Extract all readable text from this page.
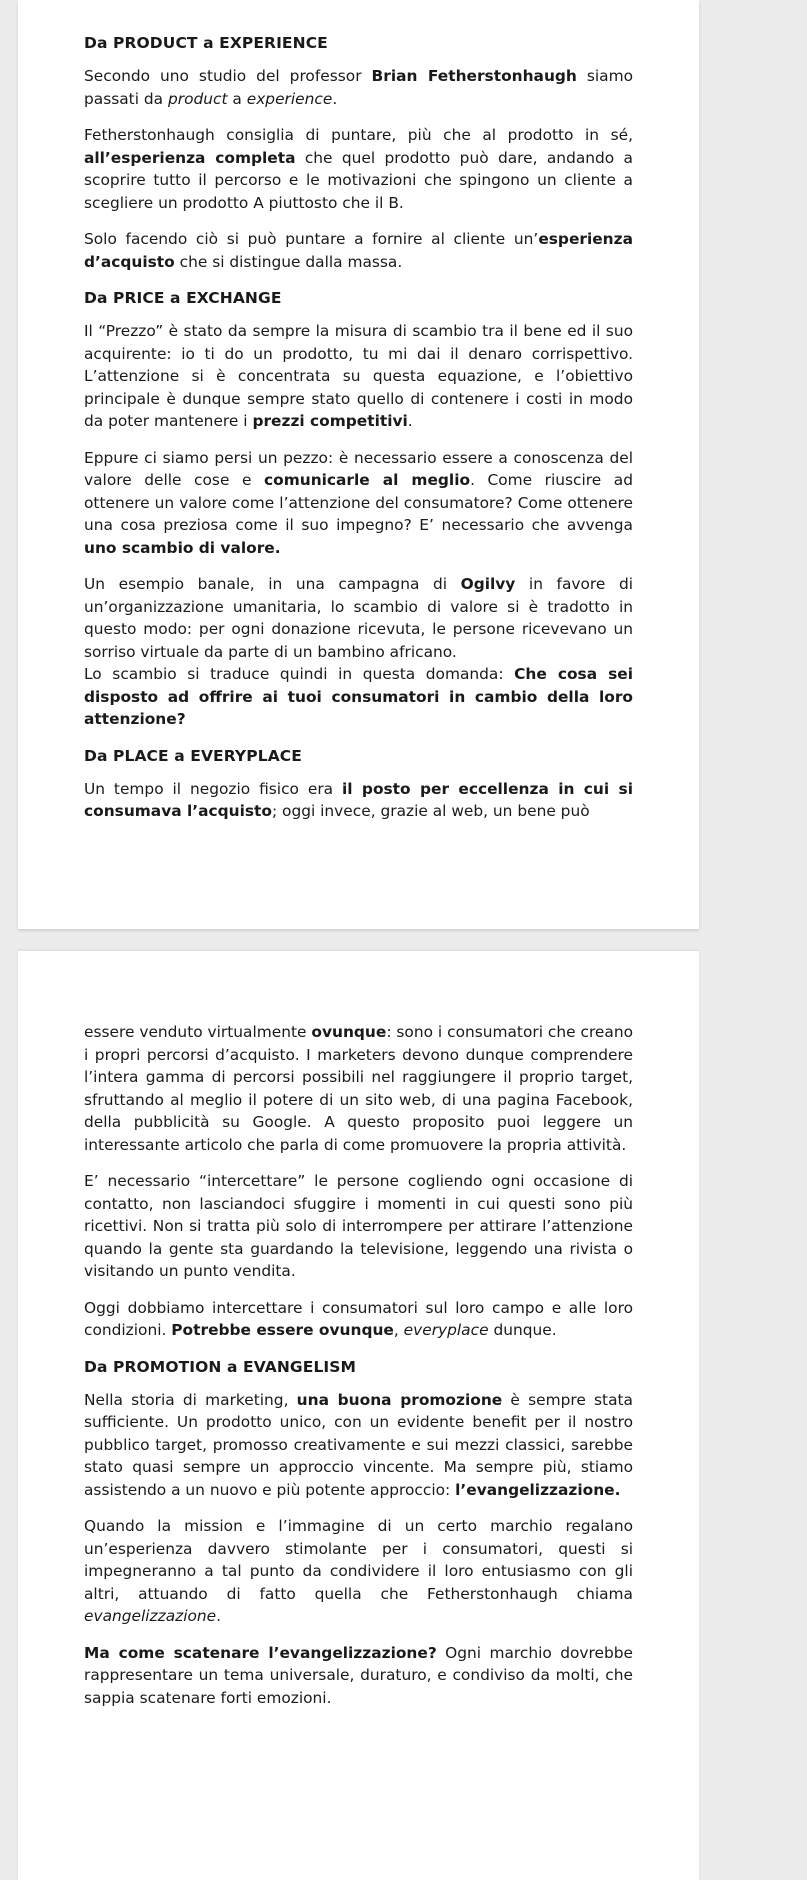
Da PRODUCT a EXPERIENCE

Secondo uno studio del professor Brian Fetherstonhaugh siamo passati da product a experience.

Fetherstonhaugh consiglia di puntare, più che al prodotto in sé, all’esperienza completa che quel prodotto può dare, andando a scoprire tutto il percorso e le motivazioni che spingono un cliente a scegliere un prodotto A piuttosto che il B.

Solo facendo ciò si può puntare a fornire al cliente un’esperienza d’acquisto che si distingue dalla massa.

Da PRICE a EXCHANGE

Il “Prezzo” è stato da sempre la misura di scambio tra il bene ed il suo acquirente: io ti do un prodotto, tu mi dai il denaro corrispettivo. L’attenzione si è concentrata su questa equazione, e l’obiettivo principale è dunque sempre stato quello di contenere i costi in modo da poter mantenere i prezzi competitivi.

Eppure ci siamo persi un pezzo: è necessario essere a conoscenza del valore delle cose e comunicarle al meglio. Come riuscire ad ottenere un valore come l’attenzione del consumatore? Come ottenere una cosa preziosa come il suo impegno? E’ necessario che avvenga uno scambio di valore.

Un esempio banale, in una campagna di Ogilvy in favore di un’organizzazione umanitaria, lo scambio di valore si è tradotto in questo modo: per ogni donazione ricevuta, le persone ricevevano un sorriso virtuale da parte di un bambino africano.

Lo scambio si traduce quindi in questa domanda: Che cosa sei disposto ad offrire ai tuoi consumatori in cambio della loro attenzione?

Da PLACE a EVERYPLACE

Un tempo il negozio fisico era il posto per eccellenza in cui si consumava l’acquisto; oggi invece, grazie al web, un bene può

essere venduto virtualmente ovunque: sono i consumatori che creano i propri percorsi d’acquisto. I marketers devono dunque comprendere l’intera gamma di percorsi possibili nel raggiungere il proprio target, sfruttando al meglio il potere di un sito web, di una pagina Facebook, della pubblicità su Google. A questo proposito puoi leggere un interessante articolo che parla di come promuovere la propria attività.

E’ necessario “intercettare” le persone cogliendo ogni occasione di contatto, non lasciandoci sfuggire i momenti in cui questi sono più ricettivi. Non si tratta più solo di interrompere per attirare l’attenzione quando la gente sta guardando la televisione, leggendo una rivista o visitando un punto vendita.

Oggi dobbiamo intercettare i consumatori sul loro campo e alle loro condizioni. Potrebbe essere ovunque, everyplace dunque.

Da PROMOTION a EVANGELISM

Nella storia di marketing, una buona promozione è sempre stata sufficiente. Un prodotto unico, con un evidente benefit per il nostro pubblico target, promosso creativamente e sui mezzi classici, sarebbe stato quasi sempre un approccio vincente. Ma sempre più, stiamo assistendo a un nuovo e più potente approccio: l’evangelizzazione.

Quando la mission e l’immagine di un certo marchio regalano un’esperienza davvero stimolante per i consumatori, questi si impegneranno a tal punto da condividere il loro entusiasmo con gli altri, attuando di fatto quella che Fetherstonhaugh chiama evangelizzazione.

Ma come scatenare l’evangelizzazione? Ogni marchio dovrebbe rappresentare un tema universale, duraturo, e condiviso da molti, che sappia scatenare forti emozioni.
